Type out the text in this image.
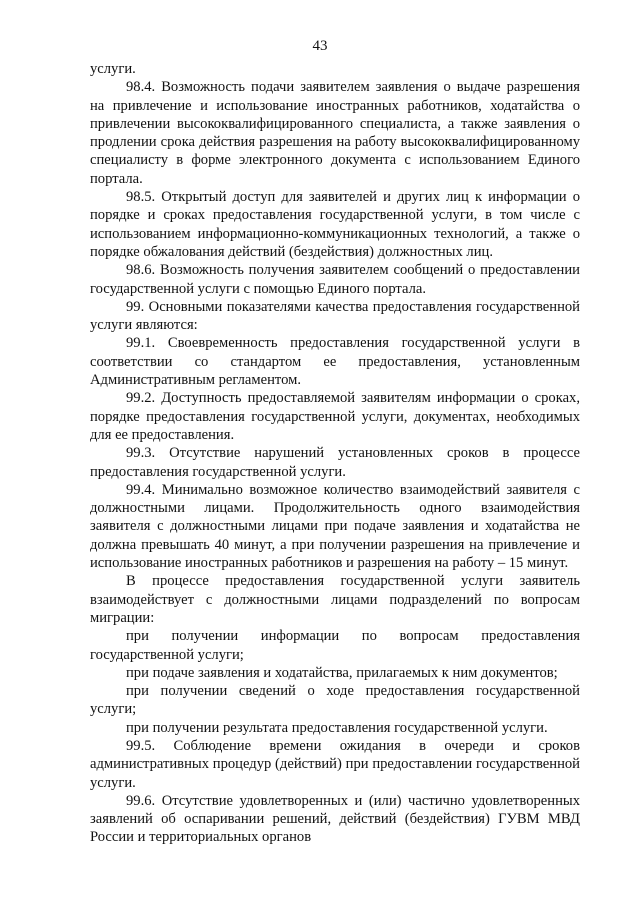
43

услуги.

98.4. Возможность подачи заявителем заявления о выдаче разрешения на привлечение и использование иностранных работников, ходатайства о привлечении высококвалифицированного специалиста, а также заявления о продлении срока действия разрешения на работу высококвалифицированному специалисту в форме электронного документа с использованием Единого портала.

98.5. Открытый доступ для заявителей и других лиц к информации о порядке и сроках предоставления государственной услуги, в том числе с использованием информационно-коммуникационных технологий, а также о порядке обжалования действий (бездействия) должностных лиц.

98.6. Возможность получения заявителем сообщений о предоставлении государственной услуги с помощью Единого портала.

99. Основными показателями качества предоставления государственной услуги являются:

99.1. Своевременность предоставления государственной услуги в соответствии со стандартом ее предоставления, установленным Административным регламентом.

99.2. Доступность предоставляемой заявителям информации о сроках, порядке предоставления государственной услуги, документах, необходимых для ее предоставления.

99.3. Отсутствие нарушений установленных сроков в процессе предоставления государственной услуги.

99.4. Минимально возможное количество взаимодействий заявителя с должностными лицами. Продолжительность одного взаимодействия заявителя с должностными лицами при подаче заявления и ходатайства не должна превышать 40 минут, а при получении разрешения на привлечение и использование иностранных работников и разрешения на работу – 15 минут.

В процессе предоставления государственной услуги заявитель взаимодействует с должностными лицами подразделений по вопросам миграции:

при получении информации по вопросам предоставления государственной услуги;

при подаче заявления и ходатайства, прилагаемых к ним документов;

при получении сведений о ходе предоставления государственной услуги;

при получении результата предоставления государственной услуги.

99.5. Соблюдение времени ожидания в очереди и сроков административных процедур (действий) при предоставлении государственной услуги.

99.6. Отсутствие удовлетворенных и (или) частично удовлетворенных заявлений об оспаривании решений, действий (бездействия) ГУВМ МВД России и территориальных органов
